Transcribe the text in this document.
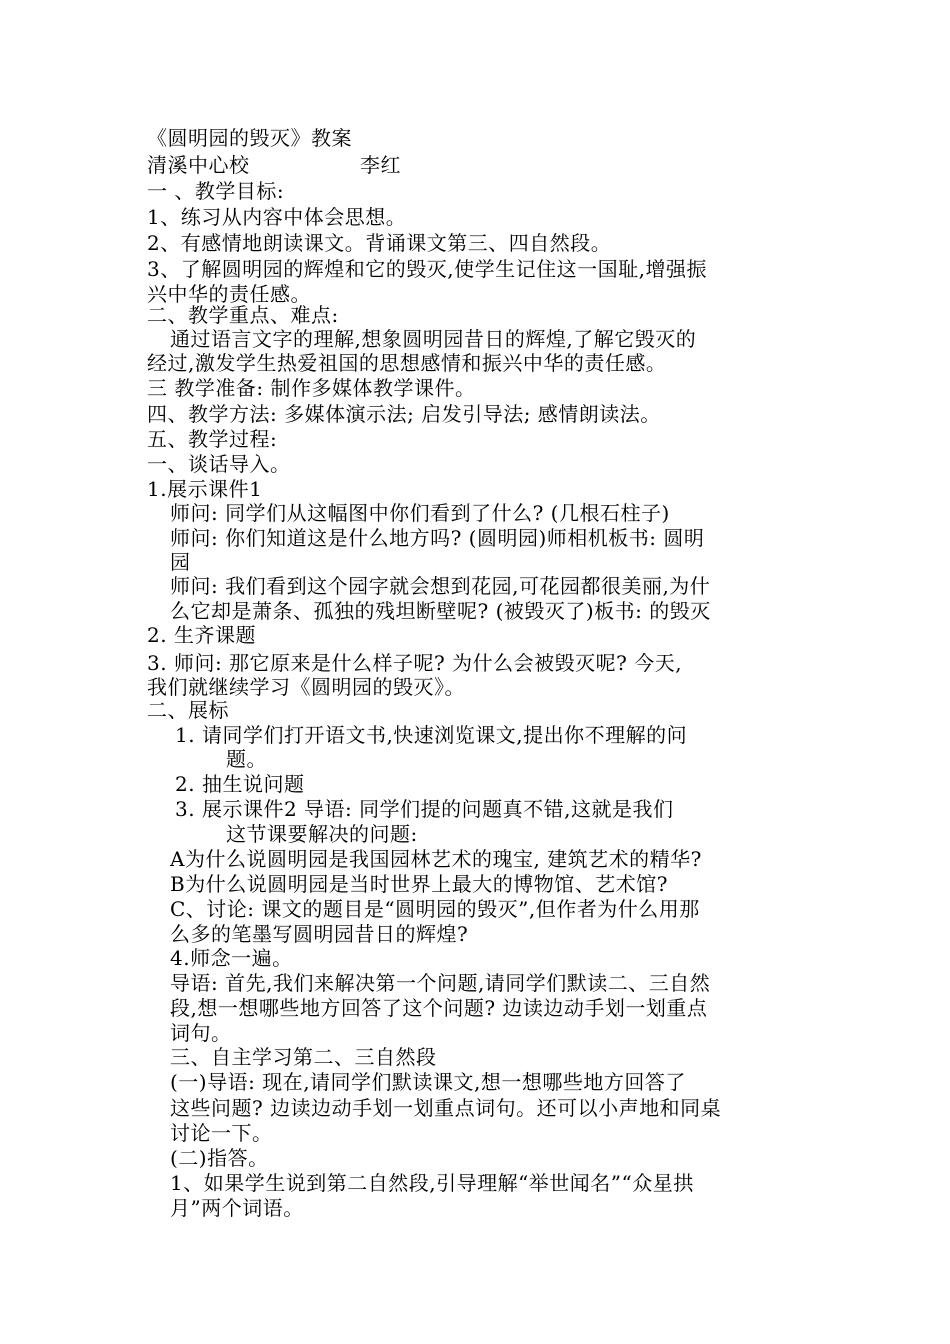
《圆明园的毁灭》教案
清溪中心校	李红
一 、教学目标:
1、练习从内容中体会思想。
2、有感情地朗读课文。背诵课文第三、四自然段。
3、了解圆明园的辉煌和它的毁灭,使学生记住这一国耻,增强振
兴中华的责任感。
二、教学重点、难点:
通过语言文字的理解,想象圆明园昔日的辉煌,了解它毁灭的
经过,激发学生热爱祖国的思想感情和振兴中华的责任感。
三 教学准备: 制作多媒体教学课件。
四、教学方法: 多媒体演示法; 启发引导法; 感情朗读法。
五、教学过程:
一、谈话导入。
1.展示课件1
师问: 同学们从这幅图中你们看到了什么? (几根石柱子)
师问: 你们知道这是什么地方吗? (圆明园)师相机板书: 圆明
园
师问: 我们看到这个园字就会想到花园,可花园都很美丽,为什
么它却是萧条、孤独的残坦断壁呢? (被毁灭了)板书: 的毁灭
2. 生齐课题
3. 师问: 那它原来是什么样子呢? 为什么会被毁灭呢? 今天,
我们就继续学习《圆明园的毁灭》。
二、展标
1. 请同学们打开语文书,快速浏览课文,提出你不理解的问
题。
2. 抽生说问题
3. 展示课件2 导语: 同学们提的问题真不错,这就是我们
这节课要解决的问题:
A为什么说圆明园是我国园林艺术的瑰宝, 建筑艺术的精华?
B为什么说圆明园是当时世界上最大的博物馆、艺术馆?
C、讨论: 课文的题目是“圆明园的毁灭”,但作者为什么用那
么多的笔墨写圆明园昔日的辉煌?
4.师念一遍。
导语: 首先,我们来解决第一个问题,请同学们默读二、三自然
段,想一想哪些地方回答了这个问题? 边读边动手划一划重点
词句。
三、自主学习第二、三自然段
(一)导语: 现在,请同学们默读课文,想一想哪些地方回答了
这些问题? 边读边动手划一划重点词句。还可以小声地和同桌
讨论一下。
(二)指答。
1、如果学生说到第二自然段,引导理解“举世闻名”“众星拱
月”两个词语。
